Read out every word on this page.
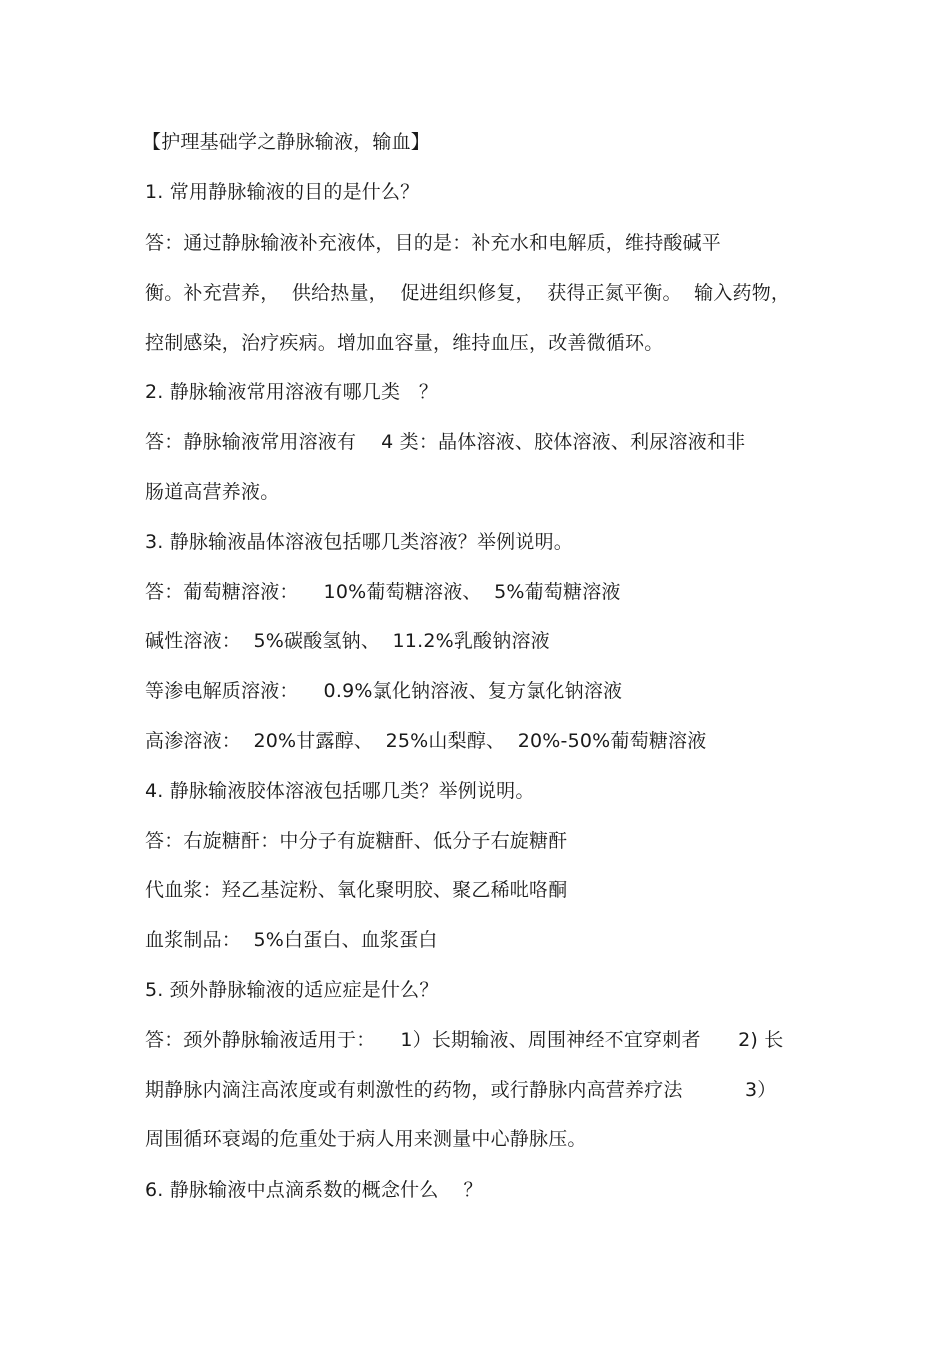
【护理基础学之静脉输液，输血】
1. 常用静脉输液的目的是什么？
答：通过静脉输液补充液体，目的是：补充水和电解质，维持酸碱平
衡。补充营养，  供给热量，  促进组织修复，  获得正氮平衡。  输入药物，
控制感染，治疗疾病。增加血容量，维持血压，改善微循环。
2. 静脉输液常用溶液有哪几类   ？
答：静脉输液常用溶液有    4 类：晶体溶液、胶体溶液、利尿溶液和非
肠道高营养液。
3. 静脉输液晶体溶液包括哪几类溶液？举例说明。
答：葡萄糖溶液：    10%葡萄糖溶液、  5%葡萄糖溶液
碱性溶液：  5%碳酸氢钠、  11.2%乳酸钠溶液
等渗电解质溶液：    0.9%氯化钠溶液、复方氯化钠溶液
高渗溶液：  20%甘露醇、  25%山梨醇、  20%-50%葡萄糖溶液
4. 静脉输液胶体溶液包括哪几类？举例说明。
答：右旋糖酐：中分子有旋糖酐、低分子右旋糖酐
代血浆：羟乙基淀粉、氧化聚明胶、聚乙稀吡咯酮
血浆制品：  5%白蛋白、血浆蛋白
5. 颈外静脉输液的适应症是什么？
答：颈外静脉输液适用于：    1）长期输液、周围神经不宜穿刺者      2) 长
期静脉内滴注高浓度或有刺激性的药物，或行静脉内高营养疗法          3）
周围循环衰竭的危重处于病人用来测量中心静脉压。
6. 静脉输液中点滴系数的概念什么    ？
